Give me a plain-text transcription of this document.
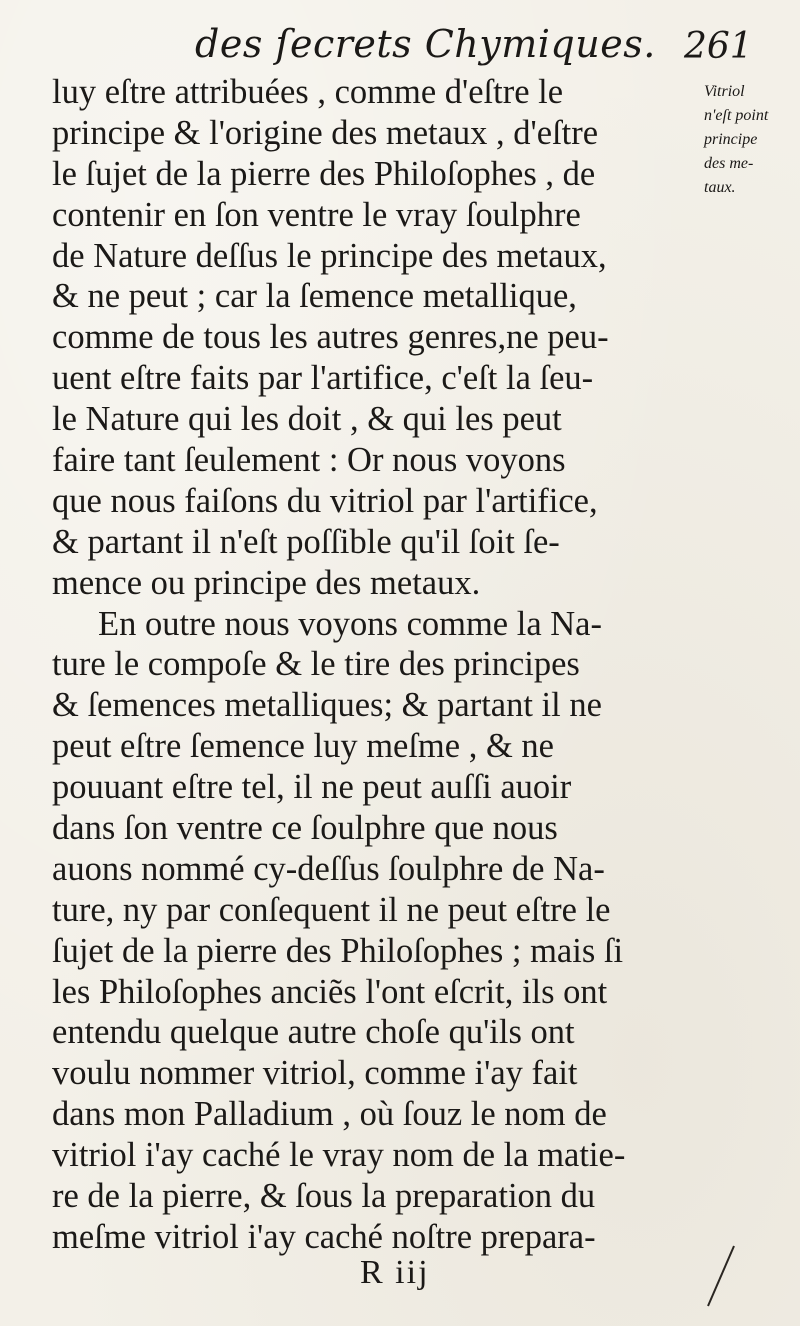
des ſecrets Chymiques. 261
luy eſtre attribuées , comme d'eſtre le
principe & l'origine des metaux , d'eſtre
le ſujet de la pierre des Philoſophes , de
contenir en ſon ventre le vray ſoulphre
de Nature deſſus le principe des metaux,
& ne peut ; car la ſemence metallique,
comme de tous les autres genres,ne peu-
uent eſtre faits par l'artifice, c'eſt la ſeu-
le Nature qui les doit , & qui les peut
faire tant ſeulement : Or nous voyons
que nous faiſons du vitriol par l'artifice,
& partant il n'eſt poſſible qu'il ſoit ſe-
mence ou principe des metaux.
En outre nous voyons comme la Na-
ture le compoſe & le tire des principes
& ſemences metalliques; & partant il ne
peut eſtre ſemence luy meſme , & ne
pouuant eſtre tel, il ne peut auſſi auoir
dans ſon ventre ce ſoulphre que nous
auons nommé cy-deſſus ſoulphre de Na-
ture, ny par conſequent il ne peut eſtre le
ſujet de la pierre des Philoſophes ; mais ſi
les Philoſophes anciẽs l'ont eſcrit, ils ont
entendu quelque autre choſe qu'ils ont
voulu nommer vitriol, comme i'ay fait
dans mon Palladium , où ſouz le nom de
vitriol i'ay caché le vray nom de la matie-
re de la pierre, & ſous la preparation du
meſme vitriol i'ay caché noſtre prepara-
Vitriol
n'eſt point
principe
des me-
taux.
R iij
